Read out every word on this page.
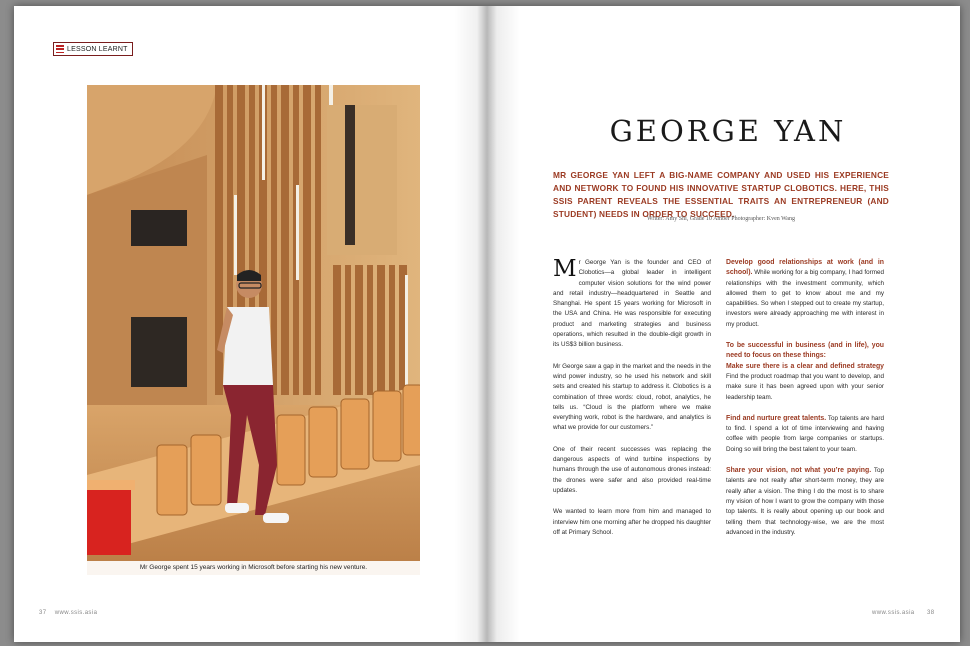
LESSON LEARNT
Mr George spent 15 years working in Microsoft before starting his new venture.
37 www.ssis.asia
GEORGE YAN
MR GEORGE YAN LEFT A BIG-NAME COMPANY AND USED HIS EXPERIENCE AND NETWORK TO FOUND HIS INNOVATIVE STARTUP CLOBOTICS. HERE, THIS SSIS PARENT REVEALS THE ESSENTIAL TRAITS AN ENTREPRENEUR (AND STUDENT) NEEDS IN ORDER TO SUCCEED.
Writer: Amy Shi, Grade 10 Amber Photographer: Kven Wang

Mr George Yan is the founder and CEO of Clobotics—a global leader in intelligent computer vision solutions for the wind power and retail industry—headquartered in Seattle and Shanghai. He spent 15 years working for Microsoft in the USA and China. He was responsible for executing product and marketing strategies and business operations, which resulted in the double-digit growth in its US$3 billion business.

Mr George saw a gap in the market and the needs in the wind power industry, so he used his network and skill sets and created his startup to address it. Clobotics is a combination of three words: cloud, robot, analytics, he tells us. “Cloud is the platform where we make everything work, robot is the hardware, and analytics is what we provide for our customers.”

One of their recent successes was replacing the dangerous aspects of wind turbine inspections by humans through the use of autonomous drones instead: the drones were safer and also provided real-time updates.

We wanted to learn more from him and managed to interview him one morning after he dropped his daughter off at Primary School.

Develop good relationships at work (and in school). While working for a big company, I had formed relationships with the investment community, which allowed them to get to know about me and my capabilities. So when I stepped out to create my startup, investors were already approaching me with interest in my product.

To be successful in business (and in life), you need to focus on these things:

Make sure there is a clear and defined strategy Find the product roadmap that you want to develop, and make sure it has been agreed upon with your senior leadership team.

Find and nurture great talents. Top talents are hard to find. I spend a lot of time interviewing and having coffee with people from large companies or startups. Doing so will bring the best talent to your team.

Share your vision, not what you’re paying. Top talents are not really after short-term money, they are really after a vision. The thing I do the most is to share my vision of how I want to grow the company with those top talents. It is really about opening up our book and telling them that technology-wise, we are the most advanced in the industry.

www.ssis.asia 38
